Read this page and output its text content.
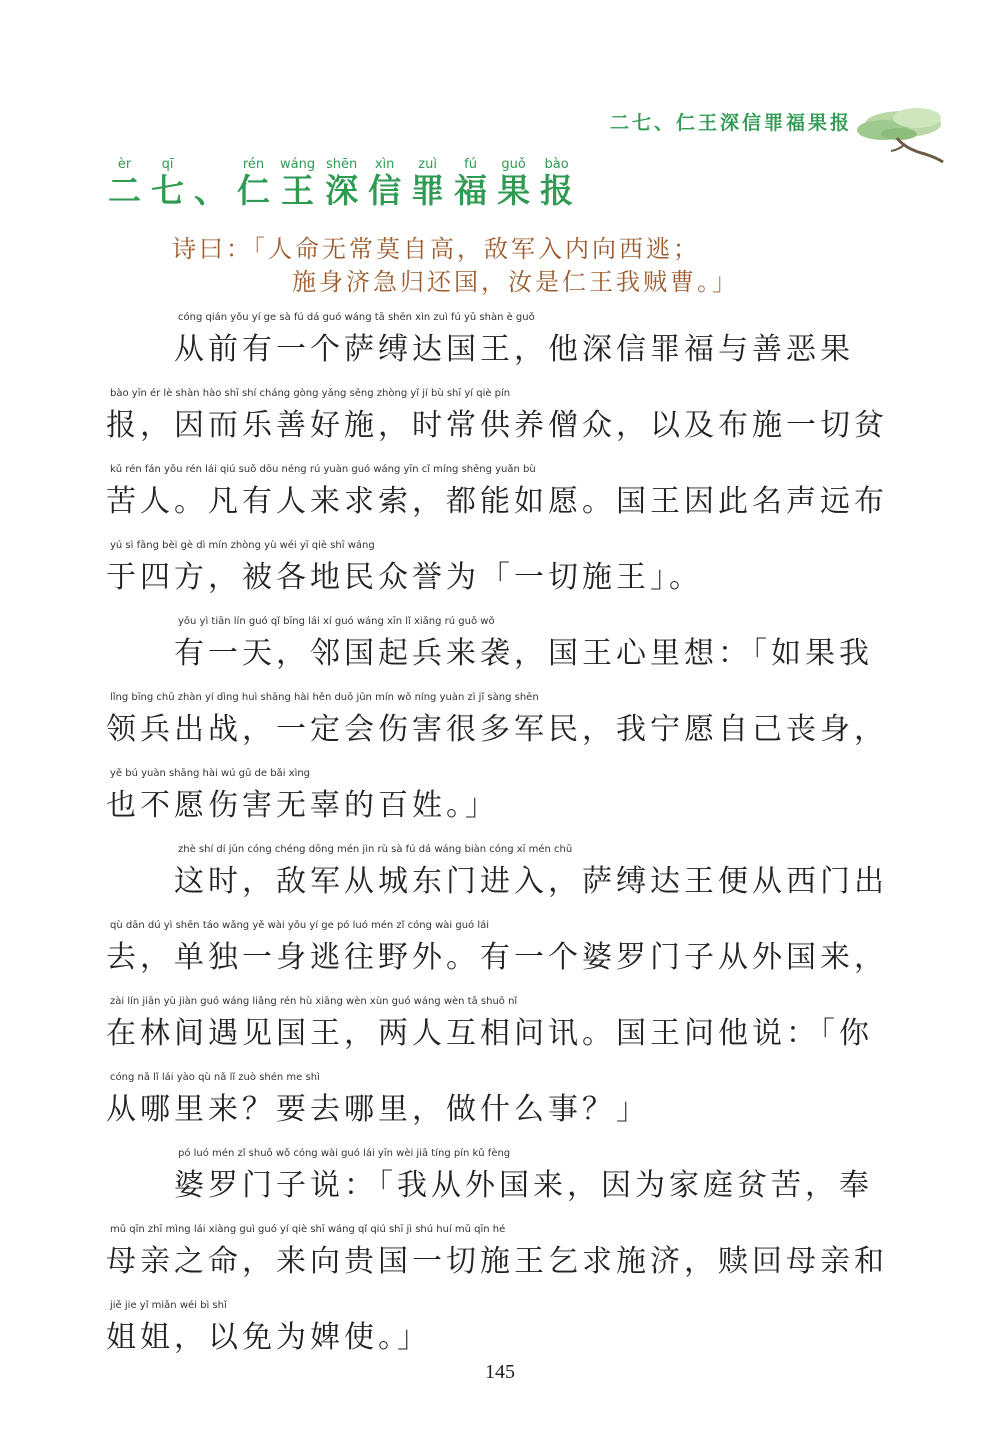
二七、仁王深信罪福果报
二èr七qī、 仁rén王wáng深shēn信xìn罪zuì福fú果guǒ报bào
诗曰：「人命无常莫自高，敌军入内向西逃；
施身济急归还国，汝是仁王我贼曹。」
cóng qián yǒu yí ge sà fú dá guó wáng tā shēn xìn zuì fú yǔ shàn è guǒ
从前有一个萨缚达国王，他深信罪福与善恶果
bào yīn ér lè shàn hào shī shí cháng gòng yǎng sēng zhòng yǐ jí bù shī yí qiè pín
报，因而乐善好施，时常供养僧众，以及布施一切贫
kǔ rén fán yǒu rén lái qiú suǒ dōu néng rú yuàn guó wáng yīn cǐ míng shēng yuǎn bù
苦人。凡有人来求索，都能如愿。国王因此名声远布
yú sì fāng bèi gè dì mín zhòng yù wéi yī qiè shī wáng
于四方，被各地民众誉为「一切施王」。
yǒu yì tiān lín guó qǐ bīng lái xí guó wáng xīn lǐ xiǎng rú guǒ wǒ
有一天，邻国起兵来袭，国王心里想：「如果我
lǐng bīng chū zhàn yí dìng huì shāng hài hěn duō jūn mín wǒ níng yuàn zì jǐ sàng shēn
领兵出战，一定会伤害很多军民，我宁愿自己丧身，
yě bú yuàn shāng hài wú gū de bǎi xìng
也不愿伤害无辜的百姓。」
zhè shí dí jūn cóng chéng dōng mén jìn rù sà fú dá wáng biàn cóng xī mén chū
这时，敌军从城东门进入，萨缚达王便从西门出
qù dān dú yì shēn táo wǎng yě wài yǒu yí ge pó luó mén zǐ cóng wài guó lái
去，单独一身逃往野外。有一个婆罗门子从外国来，
zài lín jiān yù jiàn guó wáng liǎng rén hù xiāng wèn xùn guó wáng wèn tā shuō nǐ
在林间遇见国王，两人互相问讯。国王问他说：「你
cóng nǎ lǐ lái yào qù nǎ lǐ zuò shén me shì
从哪里来？要去哪里，做什么事？」
pó luó mén zǐ shuō wǒ cóng wài guó lái yīn wèi jiā tíng pín kǔ fèng
婆罗门子说：「我从外国来，因为家庭贫苦，奉
mǔ qīn zhī mìng lái xiàng guì guó yí qiè shī wáng qǐ qiú shī jì shú huí mǔ qīn hé
母亲之命，来向贵国一切施王乞求施济，赎回母亲和
jiě jie yǐ miǎn wéi bì shǐ
姐姐，以免为婢使。」
145
